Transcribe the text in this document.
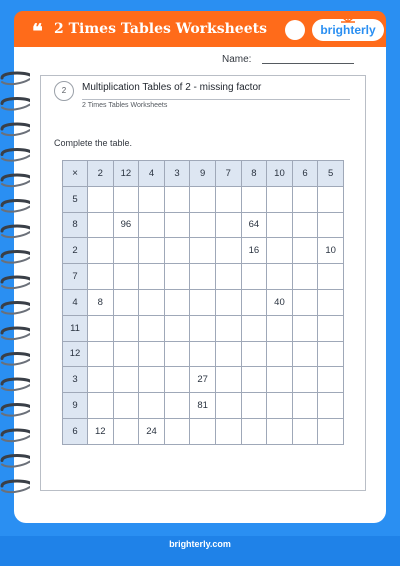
❝ 2 Times Tables Worksheets	brighterly
Name:
2	Multiplication Tables of 2 - missing factor
2 Times Tables Worksheets
Complete the table.
×	2	12	4	3	9	7	8	10	6	5
5										
8		96					64			
2							16			10
7										
4	8							40		
11										
12										
3					27					
9					81					
6	12		24							
brighterly.com
